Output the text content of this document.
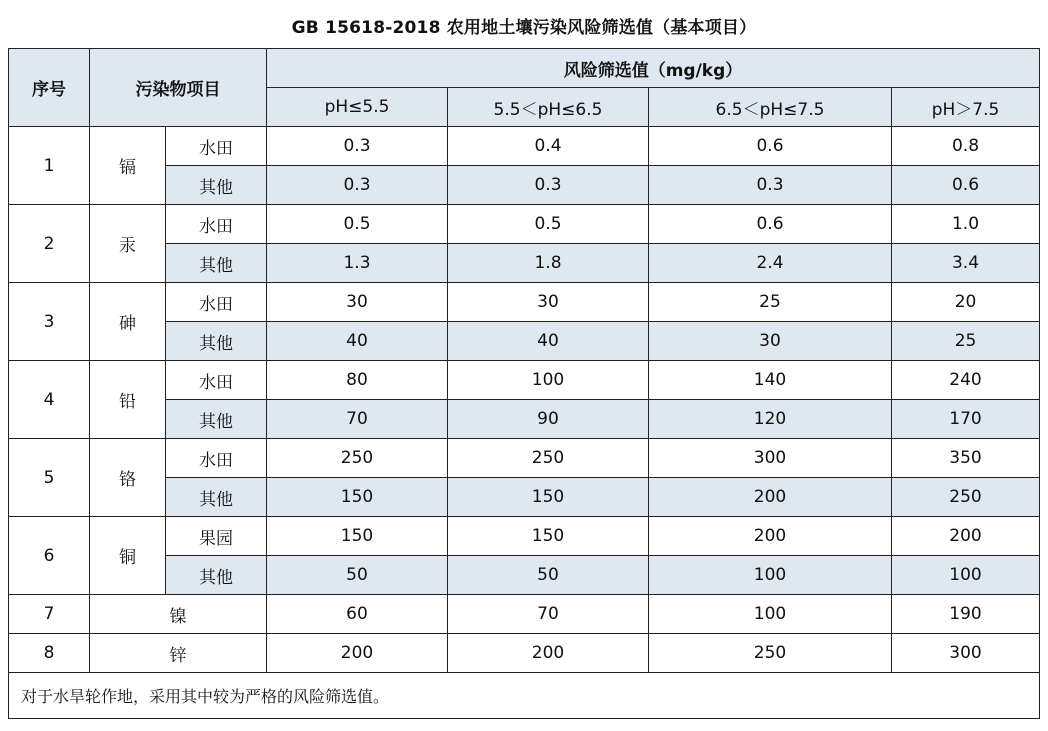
GB 15618-2018 农用地土壤污染风险筛选值（基本项目）
序号	污染物项目		风险筛选值（mg/kg）			
			pH≤5.5	5.5＜pH≤6.5	6.5＜pH≤7.5	pH＞7.5
1	镉	水田	0.3	0.4	0.6	0.8
		其他	0.3	0.3	0.3	0.6
2	汞	水田	0.5	0.5	0.6	1.0
		其他	1.3	1.8	2.4	3.4
3	砷	水田	30	30	25	20
		其他	40	40	30	25
4	铅	水田	80	100	140	240
		其他	70	90	120	170
5	铬	水田	250	250	300	350
		其他	150	150	200	250
6	铜	果园	150	150	200	200
		其他	50	50	100	100
7	镍		60	70	100	190
8	锌		200	200	250	300
对于水旱轮作地，采用其中较为严格的风险筛选值。						
